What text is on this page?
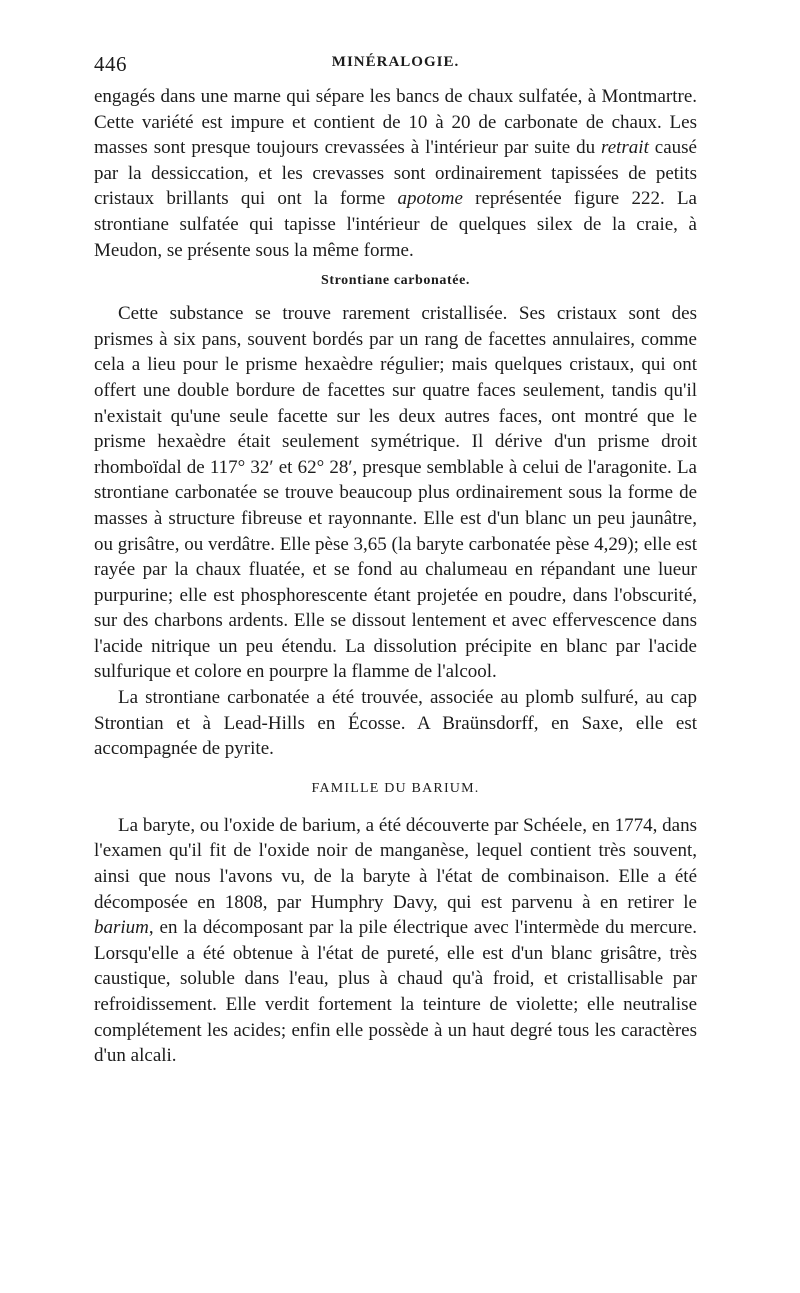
446	MINÉRALOGIE.

engagés dans une marne qui sépare les bancs de chaux sulfatée, à Montmartre. Cette variété est impure et contient de 10 à 20 de carbonate de chaux. Les masses sont presque toujours crevassées à l'intérieur par suite du retrait causé par la dessiccation, et les crevasses sont ordinairement tapissées de petits cristaux brillants qui ont la forme apotome représentée figure 222. La strontiane sulfatée qui tapisse l'intérieur de quelques silex de la craie, à Meudon, se présente sous la même forme.

Strontiane carbonatée.

Cette substance se trouve rarement cristallisée. Ses cristaux sont des prismes à six pans, souvent bordés par un rang de facettes annulaires, comme cela a lieu pour le prisme hexaèdre régulier; mais quelques cristaux, qui ont offert une double bordure de facettes sur quatre faces seulement, tandis qu'il n'existait qu'une seule facette sur les deux autres faces, ont montré que le prisme hexaèdre était seulement symétrique. Il dérive d'un prisme droit rhomboïdal de 117° 32′ et 62° 28′, presque semblable à celui de l'aragonite. La strontiane carbonatée se trouve beaucoup plus ordinairement sous la forme de masses à structure fibreuse et rayonnante. Elle est d'un blanc un peu jaunâtre, ou grisâtre, ou verdâtre. Elle pèse 3,65 (la baryte carbonatée pèse 4,29); elle est rayée par la chaux fluatée, et se fond au chalumeau en répandant une lueur purpurine; elle est phosphorescente étant projetée en poudre, dans l'obscurité, sur des charbons ardents. Elle se dissout lentement et avec effervescence dans l'acide nitrique un peu étendu. La dissolution précipite en blanc par l'acide sulfurique et colore en pourpre la flamme de l'alcool.

La strontiane carbonatée a été trouvée, associée au plomb sulfuré, au cap Strontian et à Lead-Hills en Écosse. A Braünsdorff, en Saxe, elle est accompagnée de pyrite.

FAMILLE DU BARIUM.

La baryte, ou l'oxide de barium, a été découverte par Schéele, en 1774, dans l'examen qu'il fit de l'oxide noir de manganèse, lequel contient très souvent, ainsi que nous l'avons vu, de la baryte à l'état de combinaison. Elle a été décomposée en 1808, par Humphry Davy, qui est parvenu à en retirer le barium, en la décomposant par la pile électrique avec l'intermède du mercure. Lorsqu'elle a été obtenue à l'état de pureté, elle est d'un blanc grisâtre, très caustique, soluble dans l'eau, plus à chaud qu'à froid, et cristallisable par refroidissement. Elle verdit fortement la teinture de violette; elle neutralise complétement les acides; enfin elle possède à un haut degré tous les caractères d'un alcali.
